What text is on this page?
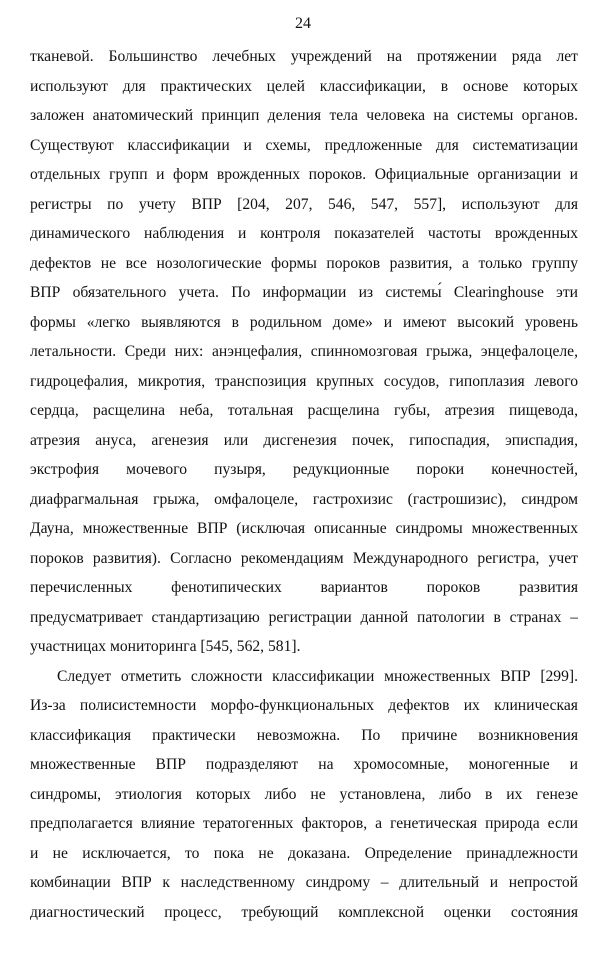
24
тканевой. Большинство лечебных учреждений на протяжении ряда лет
используют для практических целей классификации, в основе которых
заложен анатомический принцип деления тела человека на системы органов.
Существуют классификации и схемы, предложенные для систематизации
отдельных групп и форм врожденных пороков. Официальные организации и
регистры по учету ВПР [204, 207, 546, 547, 557], используют для
динамического наблюдения и контроля показателей частоты врожденных
дефектов не все нозологические формы пороков развития, а только группу
ВПР обязательного учета. По информации из системы́ Clearinghouse эти
формы «легко выявляются в родильном доме» и имеют высокий уровень
летальности. Среди них: анэнцефалия, спинномозговая грыжа, энцефалоцеле,
гидроцефалия, микротия, транспозиция крупных сосудов, гипоплазия левого
сердца, расщелина неба, тотальная расщелина губы, атрезия пищевода,
атрезия ануса, агенезия или дисгенезия почек, гипоспадия, эписпадия,
экстрофия мочевого пузыря, редукционные пороки конечностей,
диафрагмальная грыжа, омфалоцеле, гастрохизис (гастрошизис), синдром
Дауна, множественные ВПР (исключая описанные синдромы множественных
пороков развития). Согласно рекомендациям Международного регистра, учет
перечисленных фенотипических вариантов пороков развития
предусматривает стандартизацию регистрации данной патологии в странах –
участницах мониторинга [545, 562, 581].
Следует отметить сложности классификации множественных ВПР [299].
Из-за полисистемности морфо-функциональных дефектов их клиническая
классификация практически невозможна. По причине возникновения
множественные ВПР подразделяют на хромосомные, моногенные и
синдромы, этиология которых либо не установлена, либо в их генезе
предполагается влияние тератогенных факторов, а генетическая природа если
и не исключается, то пока не доказана. Определение принадлежности
комбинации ВПР к наследственному синдрому – длительный и непростой
диагностический процесс, требующий комплексной оценки состояния
